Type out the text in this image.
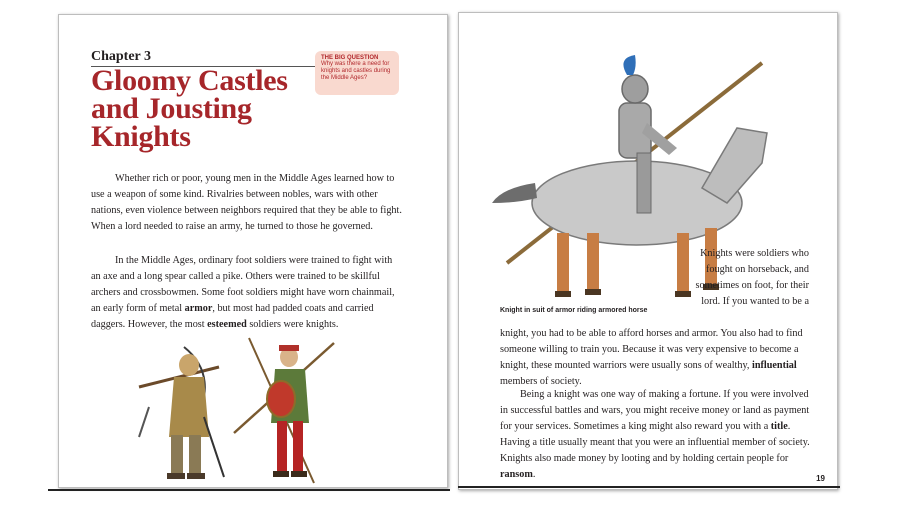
Chapter 3
Gloomy Castles
and Jousting
Knights
THE BIG QUESTION
Why was there a need for knights and castles during the Middle Ages?
Whether rich or poor, young men in the Middle Ages learned how to use a weapon of some kind. Rivalries between nobles, wars with other nations, even violence between neighbors required that they be able to fight. When a lord needed to raise an army, he turned to those he governed.
In the Middle Ages, ordinary foot soldiers were trained to fight with an axe and a long spear called a pike. Others were trained to be skillful archers and crossbowmen. Some foot soldiers might have worn chainmail, an early form of metal armor, but most had padded coats and carried daggers. However, the most esteemed soldiers were knights.
Knight in suit of armor riding armored horse
Knights were soldiers who fought on horseback, and sometimes on foot, for their lord. If you wanted to be a
knight, you had to be able to afford horses and armor. You also had to find someone willing to train you. Because it was very expensive to become a knight, these mounted warriors were usually sons of wealthy, influential members of society.
Being a knight was one way of making a fortune. If you were involved in successful battles and wars, you might receive money or land as payment for your services. Sometimes a king might also reward you with a title. Having a title usually meant that you were an influential member of society. Knights also made money by looting and by holding certain people for ransom.	19
